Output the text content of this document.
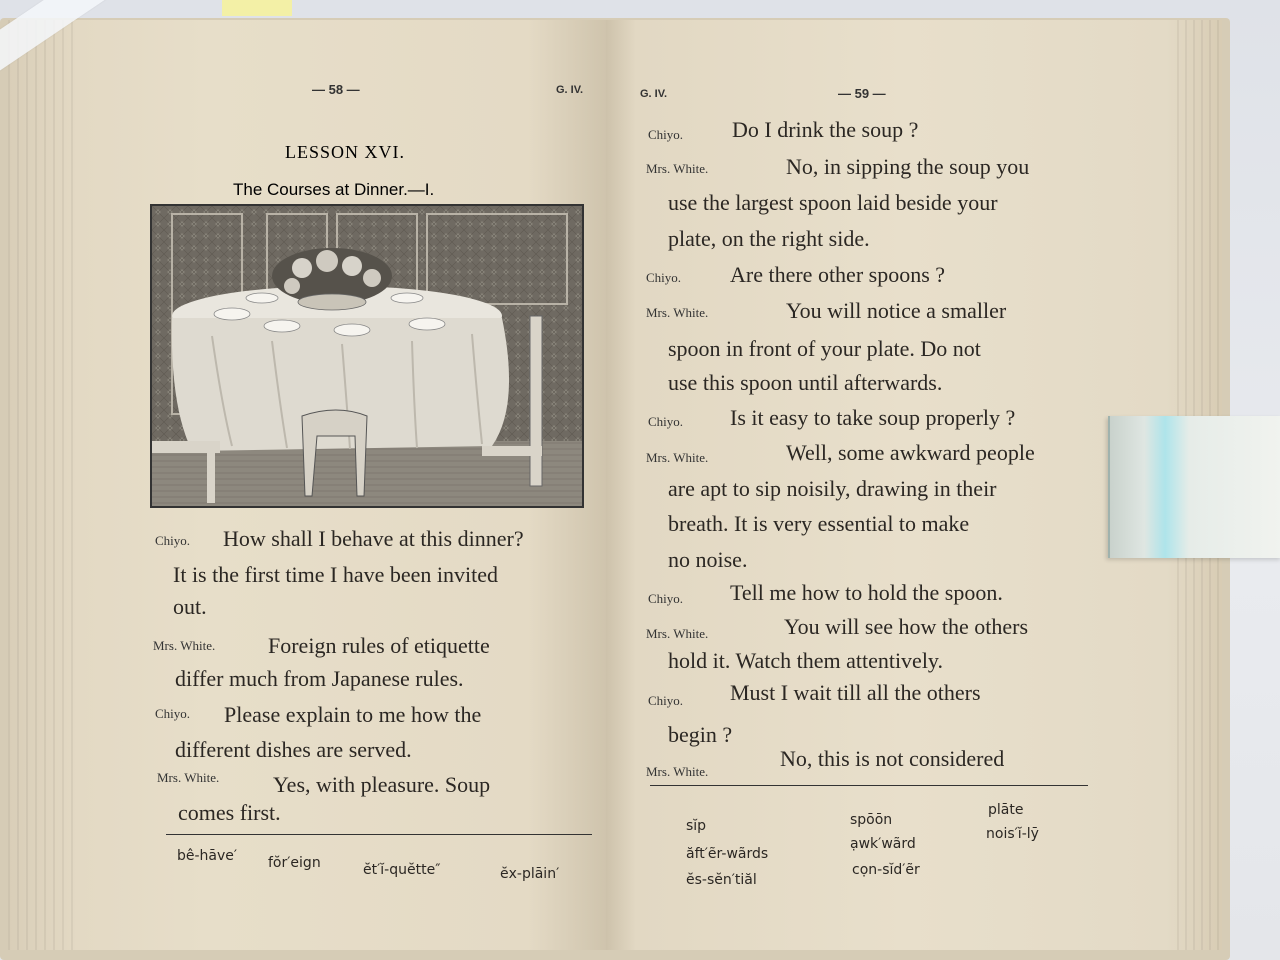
— 58 —	G. IV.
LESSON XVI.
The Courses at Dinner.—I.
Chiyo. How shall I behave at this dinner?
It is the first time I have been invited
out.
Mrs. White. Foreign rules of etiquette
differ much from Japanese rules.
Chiyo. Please explain to me how the
different dishes are served.
Mrs. White. Yes, with pleasure. Soup
comes first.
bê-hāve′ fŏr′eign	ĕt′ĭ-quĕtte″	ĕx-plāin′
G. IV.	— 59 —
Chiyo. Do I drink the soup ?
Mrs. White.	No, in sipping the soup you
use the largest spoon laid beside your
plate, on the right side.
Chiyo. Are there other spoons ?
Mrs. White.	You will notice a smaller
spoon in front of your plate. Do not
use this spoon until afterwards.
Chiyo. Is it easy to take soup properly ?
Mrs. White.	Well, some awkward people
are apt to sip noisily, drawing in their
breath. It is very essential to make
no noise.
Chiyo. Tell me how to hold the spoon.
Mrs. White.	You will see how the others
hold it. Watch them attentively.
Chiyo. Must I wait till all the others
begin ?
Mrs. White.
No, this is not considered
sĭp	spōōn
plāte
ăft′ẽr-wãrds
ạwk′wãrd
nois′ĭ-lȳ
ĕs-sĕn′tiăl
cọn-sĭd′ẽr
